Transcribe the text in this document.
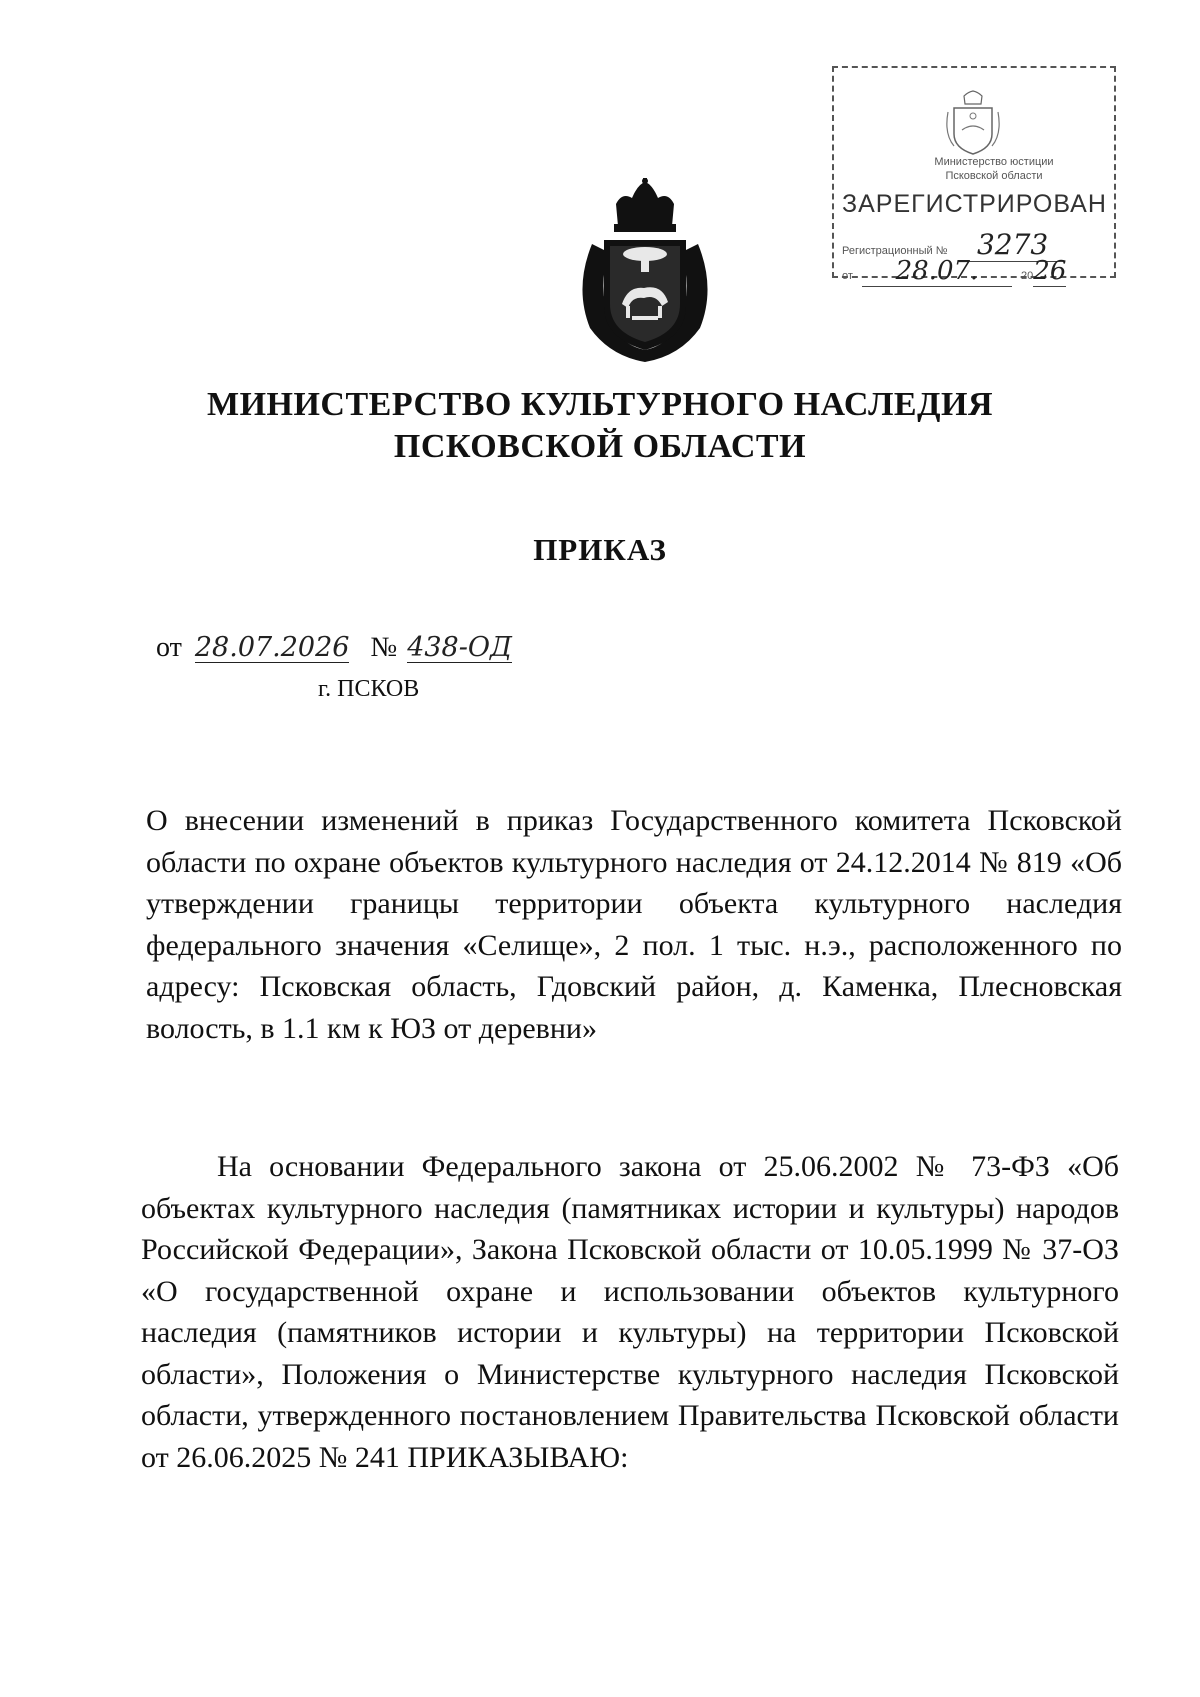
Министерство юстиции
Псковской области
ЗАРЕГИСТРИРОВАН
Регистрационный № 3273
от 28.07.	2026
МИНИСТЕРСТВО КУЛЬТУРНОГО НАСЛЕДИЯ
ПСКОВСКОЙ ОБЛАСТИ
ПРИКАЗ
от 28.07.2026 № 438-ОД
г. ПСКОВ
О внесении изменений в приказ Государственного комитета Псковской области по охране объектов культурного наследия от 24.12.2014 № 819 «Об утверждении границы территории объекта культурного наследия федерального значения «Селище», 2 пол. 1 тыс. н.э., расположенного по адресу: Псковская область, Гдовский район, д. Каменка, Плесновская волость, в 1.1 км к ЮЗ от деревни»
На основании Федерального закона от 25.06.2002 № 73-ФЗ «Об объектах культурного наследия (памятниках истории и культуры) народов Российской Федерации», Закона Псковской области от 10.05.1999 № 37-ОЗ «О государственной охране и использовании объектов культурного наследия (памятников истории и культуры) на территории Псковской области», Положения о Министерстве культурного наследия Псковской области, утвержденного постановлением Правительства Псковской области от 26.06.2025 № 241 ПРИКАЗЫВАЮ:
